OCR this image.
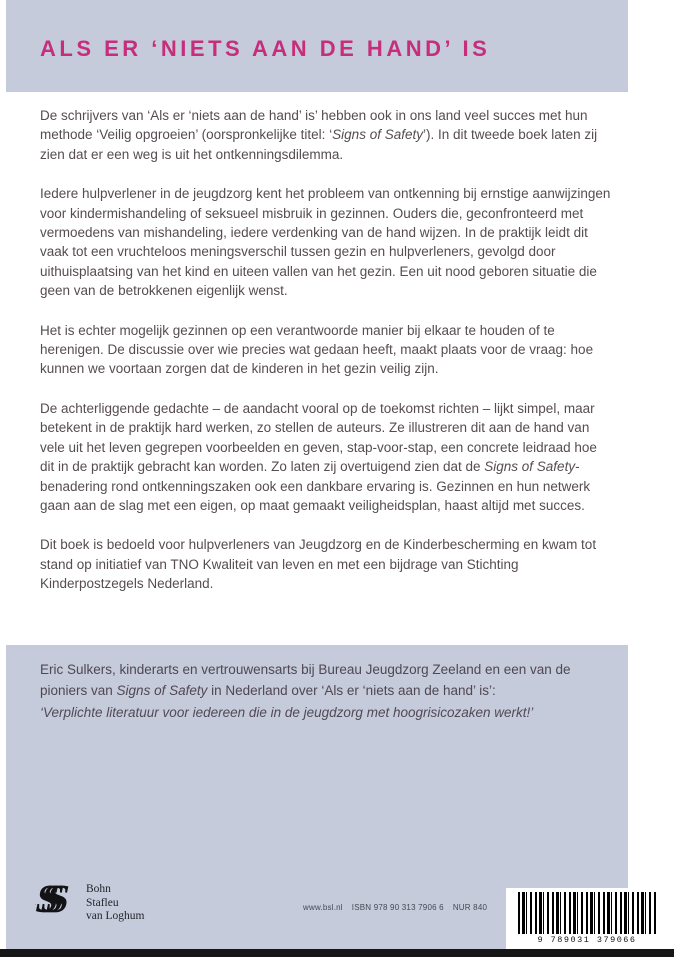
ALS ER ‘NIETS AAN DE HAND’ IS

De schrijvers van ‘Als er ‘niets aan de hand’ is’ hebben ook in ons land veel succes met hun methode ‘Veilig opgroeien’ (oorspronkelijke titel: ‘Signs of Safety’). In dit tweede boek laten zij zien dat er een weg is uit het ontkenningsdilemma.

Iedere hulpverlener in de jeugdzorg kent het probleem van ontkenning bij ernstige aanwijzingen voor kindermishandeling of seksueel misbruik in gezinnen. Ouders die, geconfronteerd met vermoedens van mishandeling, iedere verdenking van de hand wijzen. In de praktijk leidt dit vaak tot een vruchteloos meningsverschil tussen gezin en hulpverleners, gevolgd door uithuisplaatsing van het kind en uiteen vallen van het gezin. Een uit nood geboren situatie die geen van de betrokkenen eigenlijk wenst.

Het is echter mogelijk gezinnen op een verantwoorde manier bij elkaar te houden of te herenigen. De discussie over wie precies wat gedaan heeft, maakt plaats voor de vraag: hoe kunnen we voortaan zorgen dat de kinderen in het gezin veilig zijn.

De achterliggende gedachte – de aandacht vooral op de toekomst richten – lijkt simpel, maar betekent in de praktijk hard werken, zo stellen de auteurs. Ze illustreren dit aan de hand van vele uit het leven gegrepen voorbeelden en geven, stap-voor-stap, een concrete leidraad hoe dit in de praktijk gebracht kan worden. Zo laten zij overtuigend zien dat de Signs of Safety-benadering rond ontkenningszaken ook een dankbare ervaring is. Gezinnen en hun netwerk gaan aan de slag met een eigen, op maat gemaakt veiligheidsplan, haast altijd met succes.

Dit boek is bedoeld voor hulpverleners van Jeugdzorg en de Kinderbescherming en kwam tot stand op initiatief van TNO Kwaliteit van leven en met een bijdrage van Stichting Kinderpostzegels Nederland.

Eric Sulkers, kinderarts en vertrouwensarts bij Bureau Jeugdzorg Zeeland en een van de pioniers van Signs of Safety in Nederland over ‘Als er ‘niets aan de hand’ is’:
‘Verplichte literatuur voor iedereen die in de jeugdzorg met hoogrisicozaken werkt!’
SSS	Bohn
Stafleu
van Loghum
www.bsl.nl ISBN 978 90 313 7906 6 NUR 840
9 789031 379066
